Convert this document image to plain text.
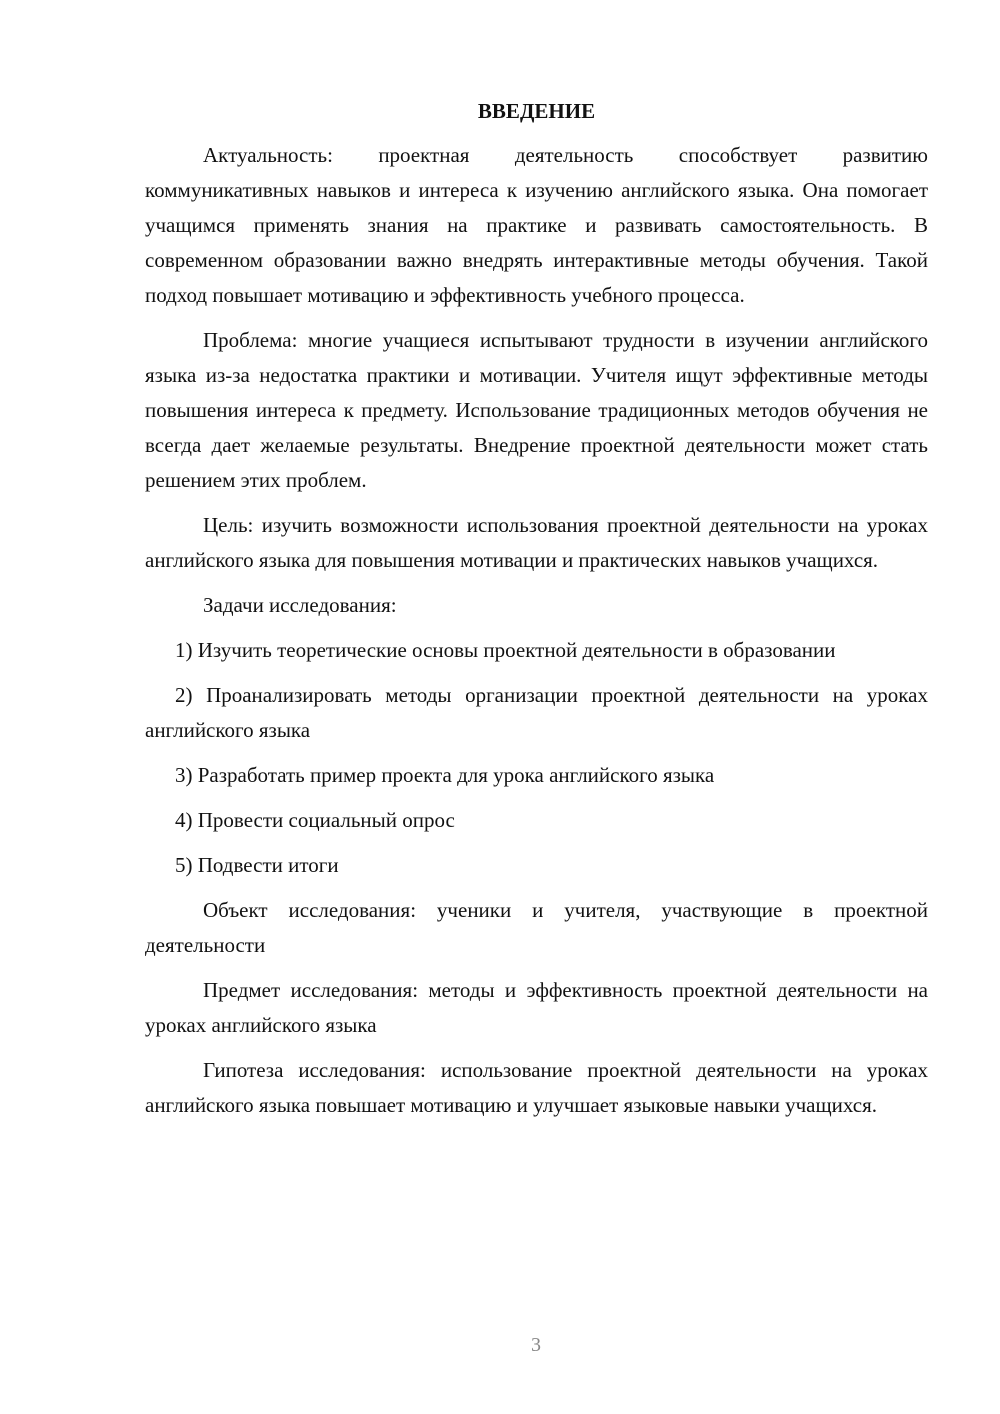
ВВЕДЕНИЕ

Актуальность: проектная деятельность способствует развитию коммуникативных навыков и интереса к изучению английского языка. Она помогает учащимся применять знания на практике и развивать самостоятельность. В современном образовании важно внедрять интерактивные методы обучения. Такой подход повышает мотивацию и эффективность учебного процесса.

Проблема: многие учащиеся испытывают трудности в изучении английского языка из-за недостатка практики и мотивации. Учителя ищут эффективные методы повышения интереса к предмету. Использование традиционных методов обучения не всегда дает желаемые результаты. Внедрение проектной деятельности может стать решением этих проблем.

Цель: изучить возможности использования проектной деятельности на уроках английского языка для повышения мотивации и практических навыков учащихся.

Задачи исследования:

1) Изучить теоретические основы проектной деятельности в образовании

2) Проанализировать методы организации проектной деятельности на уроках английского языка

3) Разработать пример проекта для урока английского языка

4) Провести социальный опрос

5) Подвести итоги

Объект исследования: ученики и учителя, участвующие в проектной деятельности

Предмет исследования: методы и эффективность проектной деятельности на уроках английского языка

Гипотеза исследования: использование проектной деятельности на уроках английского языка повышает мотивацию и улучшает языковые навыки учащихся.

3
